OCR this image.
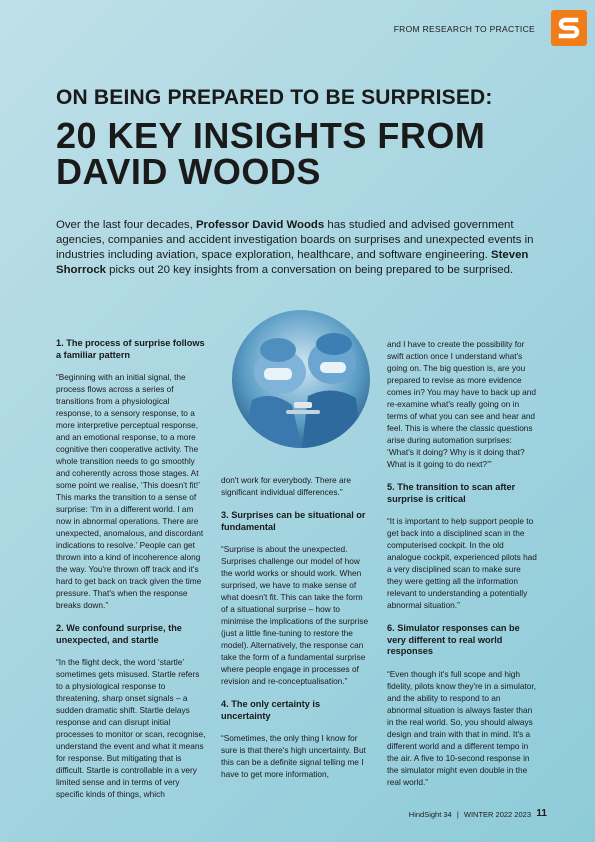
FROM RESEARCH TO PRACTICE
ON BEING PREPARED TO BE SURPRISED:
20 KEY INSIGHTS FROM DAVID WOODS
Over the last four decades, Professor David Woods has studied and advised government agencies, companies and accident investigation boards on surprises and unexpected events in industries including aviation, space exploration, healthcare, and software engineering. Steven Shorrock picks out 20 key insights from a conversation on being prepared to be surprised.
1. The process of surprise follows a familiar pattern

“Beginning with an initial signal, the process flows across a series of transitions from a physiological response, to a sensory response, to a more interpretive perceptual response, and an emotional response, to a more cognitive then cooperative activity. The whole transition needs to go smoothly and coherently across those stages. At some point we realise, ‘This doesn't fit!’ This marks the transition to a sense of surprise: ‘I'm in a different world. I am now in abnormal operations. There are unexpected, anomalous, and discordant indications to resolve.’ People can get thrown into a kind of incoherence along the way. You're thrown off track and it's hard to get back on track given the time pressure. That's when the response breaks down.”

2. We confound surprise, the unexpected, and startle

“In the flight deck, the word ‘startle’ sometimes gets misused. Startle refers to a physiological response to threatening, sharp onset signals – a sudden dramatic shift. Startle delays response and can disrupt initial processes to monitor or scan, recognise, understand the event and what it means for response. But mitigating that is difficult. Startle is controllable in a very limited sense and in terms of very specific kinds of things, which

don't work for everybody. There are significant individual differences.”

3. Surprises can be situational or fundamental

“Surprise is about the unexpected. Surprises challenge our model of how the world works or should work. When surprised, we have to make sense of what doesn't fit. This can take the form of a situational surprise – how to minimise the implications of the surprise (just a little fine-tuning to restore the model). Alternatively, the response can take the form of a fundamental surprise where people engage in processes of revision and re-conceptualisation.”

4. The only certainty is uncertainty

“Sometimes, the only thing I know for sure is that there's high uncertainty. But this can be a definite signal telling me I have to get more information,

and I have to create the possibility for swift action once I understand what's going on. The big question is, are you prepared to revise as more evidence comes in? You may have to back up and re-examine what's really going on in terms of what you can see and hear and feel. This is where the classic questions arise during automation surprises: ‘What's it doing? Why is it doing that? What is it going to do next?’”

5. The transition to scan after surprise is critical

“It is important to help support people to get back into a disciplined scan in the computerised cockpit. In the old analogue cockpit, experienced pilots had a very disciplined scan to make sure they were getting all the information relevant to understanding a potentially abnormal situation.”

6. Simulator responses can be very different to real world responses

“Even though it's full scope and high fidelity, pilots know they're in a simulator, and the ability to respond to an abnormal situation is always faster than in the real world. So, you should always design and train with that in mind. It's a different world and a different tempo in the air. A five to 10-second response in the simulator might even double in the real world.”

HindSight 34 | WINTER 2022 2023 11
